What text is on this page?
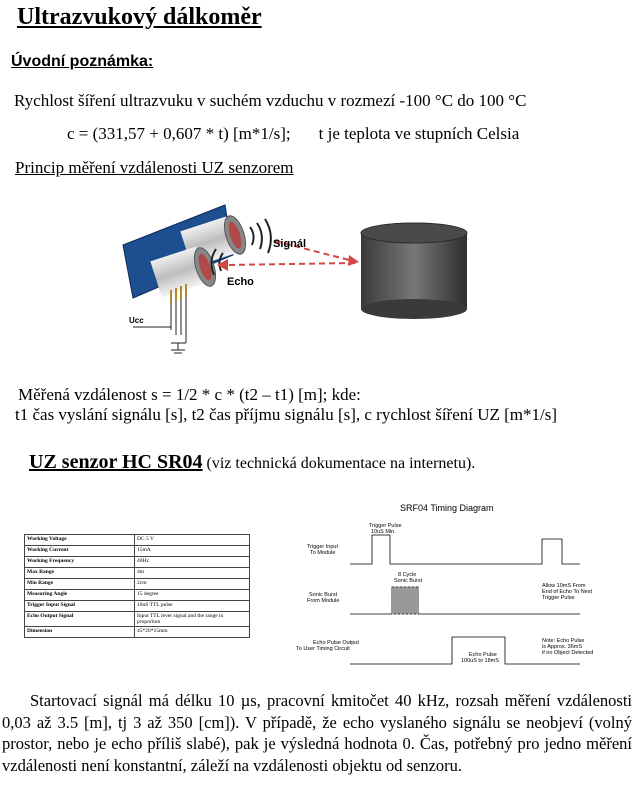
Ultrazvukový dálkoměr
Úvodní poznámka:
Rychlost šíření ultrazvuku v suchém vzduchu v rozmezí -100 °C do 100 °C
c = (331,57 + 0,607 * t) [m*1/s]; t je teplota ve stupních Celsia
Princip měření vzdálenosti UZ senzorem
Ucc
Signál
Echo
Měřená vzdálenost s = 1/2 * c * (t2 – t1) [m]; kde:
t1 čas vyslání signálu [s], t2 čas příjmu signálu [s], c rychlost šíření UZ [m*1/s]
UZ senzor HC SR04 (viz technická dokumentace na internetu).
Working Voltage	DC 5 V
Working Current	15mA
Working Frequency	40Hz
Max Range	4m
Min Range	2cm
Measuring Angle	15 degree
Trigger Input Signal	10uS TTL pulse
Echo Output Signal	Input TTL lever signal and the range in proportion
Dimension	45*20*15mm
SRF04 Timing Diagram
Trigger Input
To Module
Trigger Pulse
10uS Min.
Sonic Burst
From Module
8 Cycle
Sonic Burst
Allow 10mS From
End of Echo To Next
Trigger Pulse
Echo Pulse Output
To User Timing Circuit
Echo Pulse
100uS to 18mS
Note: Echo Pulse
is Approx. 36mS
if no Object Detected
Startovací signál má délku 10 µs, pracovní kmitočet 40 kHz, rozsah měření vzdálenosti 0,03 až 3.5 [m], tj 3 až 350 [cm]). V případě, že echo vyslaného signálu se neobjeví (volný prostor, nebo je echo příliš slabé), pak je výsledná hodnota 0. Čas, potřebný pro jedno měření vzdálenosti není konstantní, záleží na vzdálenosti objektu od senzoru.
